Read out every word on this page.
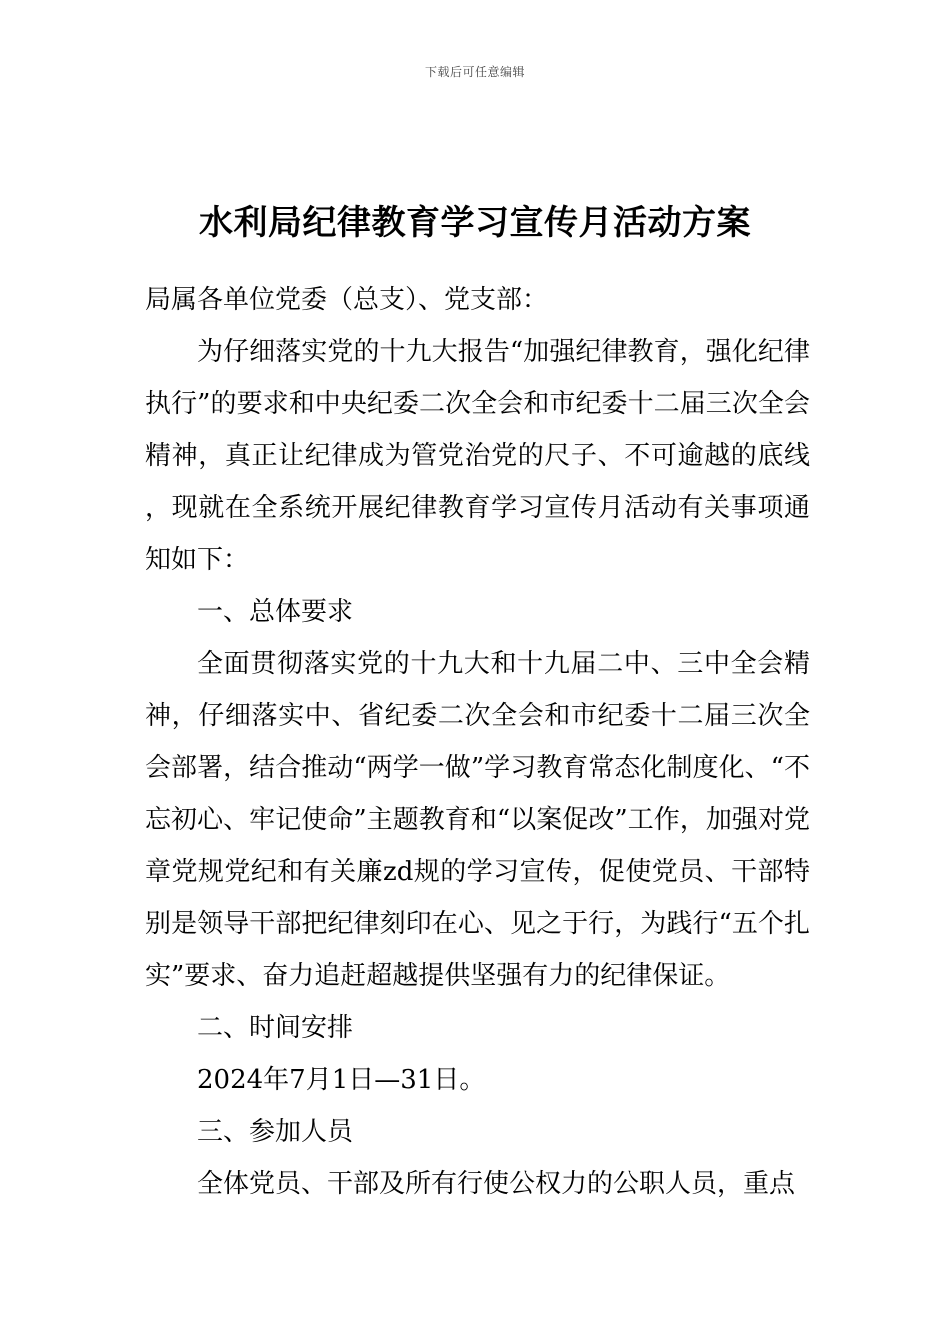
下载后可任意编辑
水利局纪律教育学习宣传月活动方案

局属各单位党委（总支）、党支部：

为仔细落实党的十九大报告“加强纪律教育，强化纪律执行”的要求和中央纪委二次全会和市纪委十二届三次全会精神，真正让纪律成为管党治党的尺子、不可逾越的底线，现就在全系统开展纪律教育学习宣传月活动有关事项通知如下：

一、总体要求

全面贯彻落实党的十九大和十九届二中、三中全会精神，仔细落实中、省纪委二次全会和市纪委十二届三次全会部署，结合推动“两学一做”学习教育常态化制度化、“不忘初心、牢记使命”主题教育和“以案促改”工作，加强对党章党规党纪和有关廉zd规的学习宣传，促使党员、干部特别是领导干部把纪律刻印在心、见之于行，为践行“五个扎实”要求、奋力追赶超越提供坚强有力的纪律保证。

二、时间安排

2024年7月1日—31日。

三、参加人员

全体党员、干部及所有行使公权力的公职人员，重点
